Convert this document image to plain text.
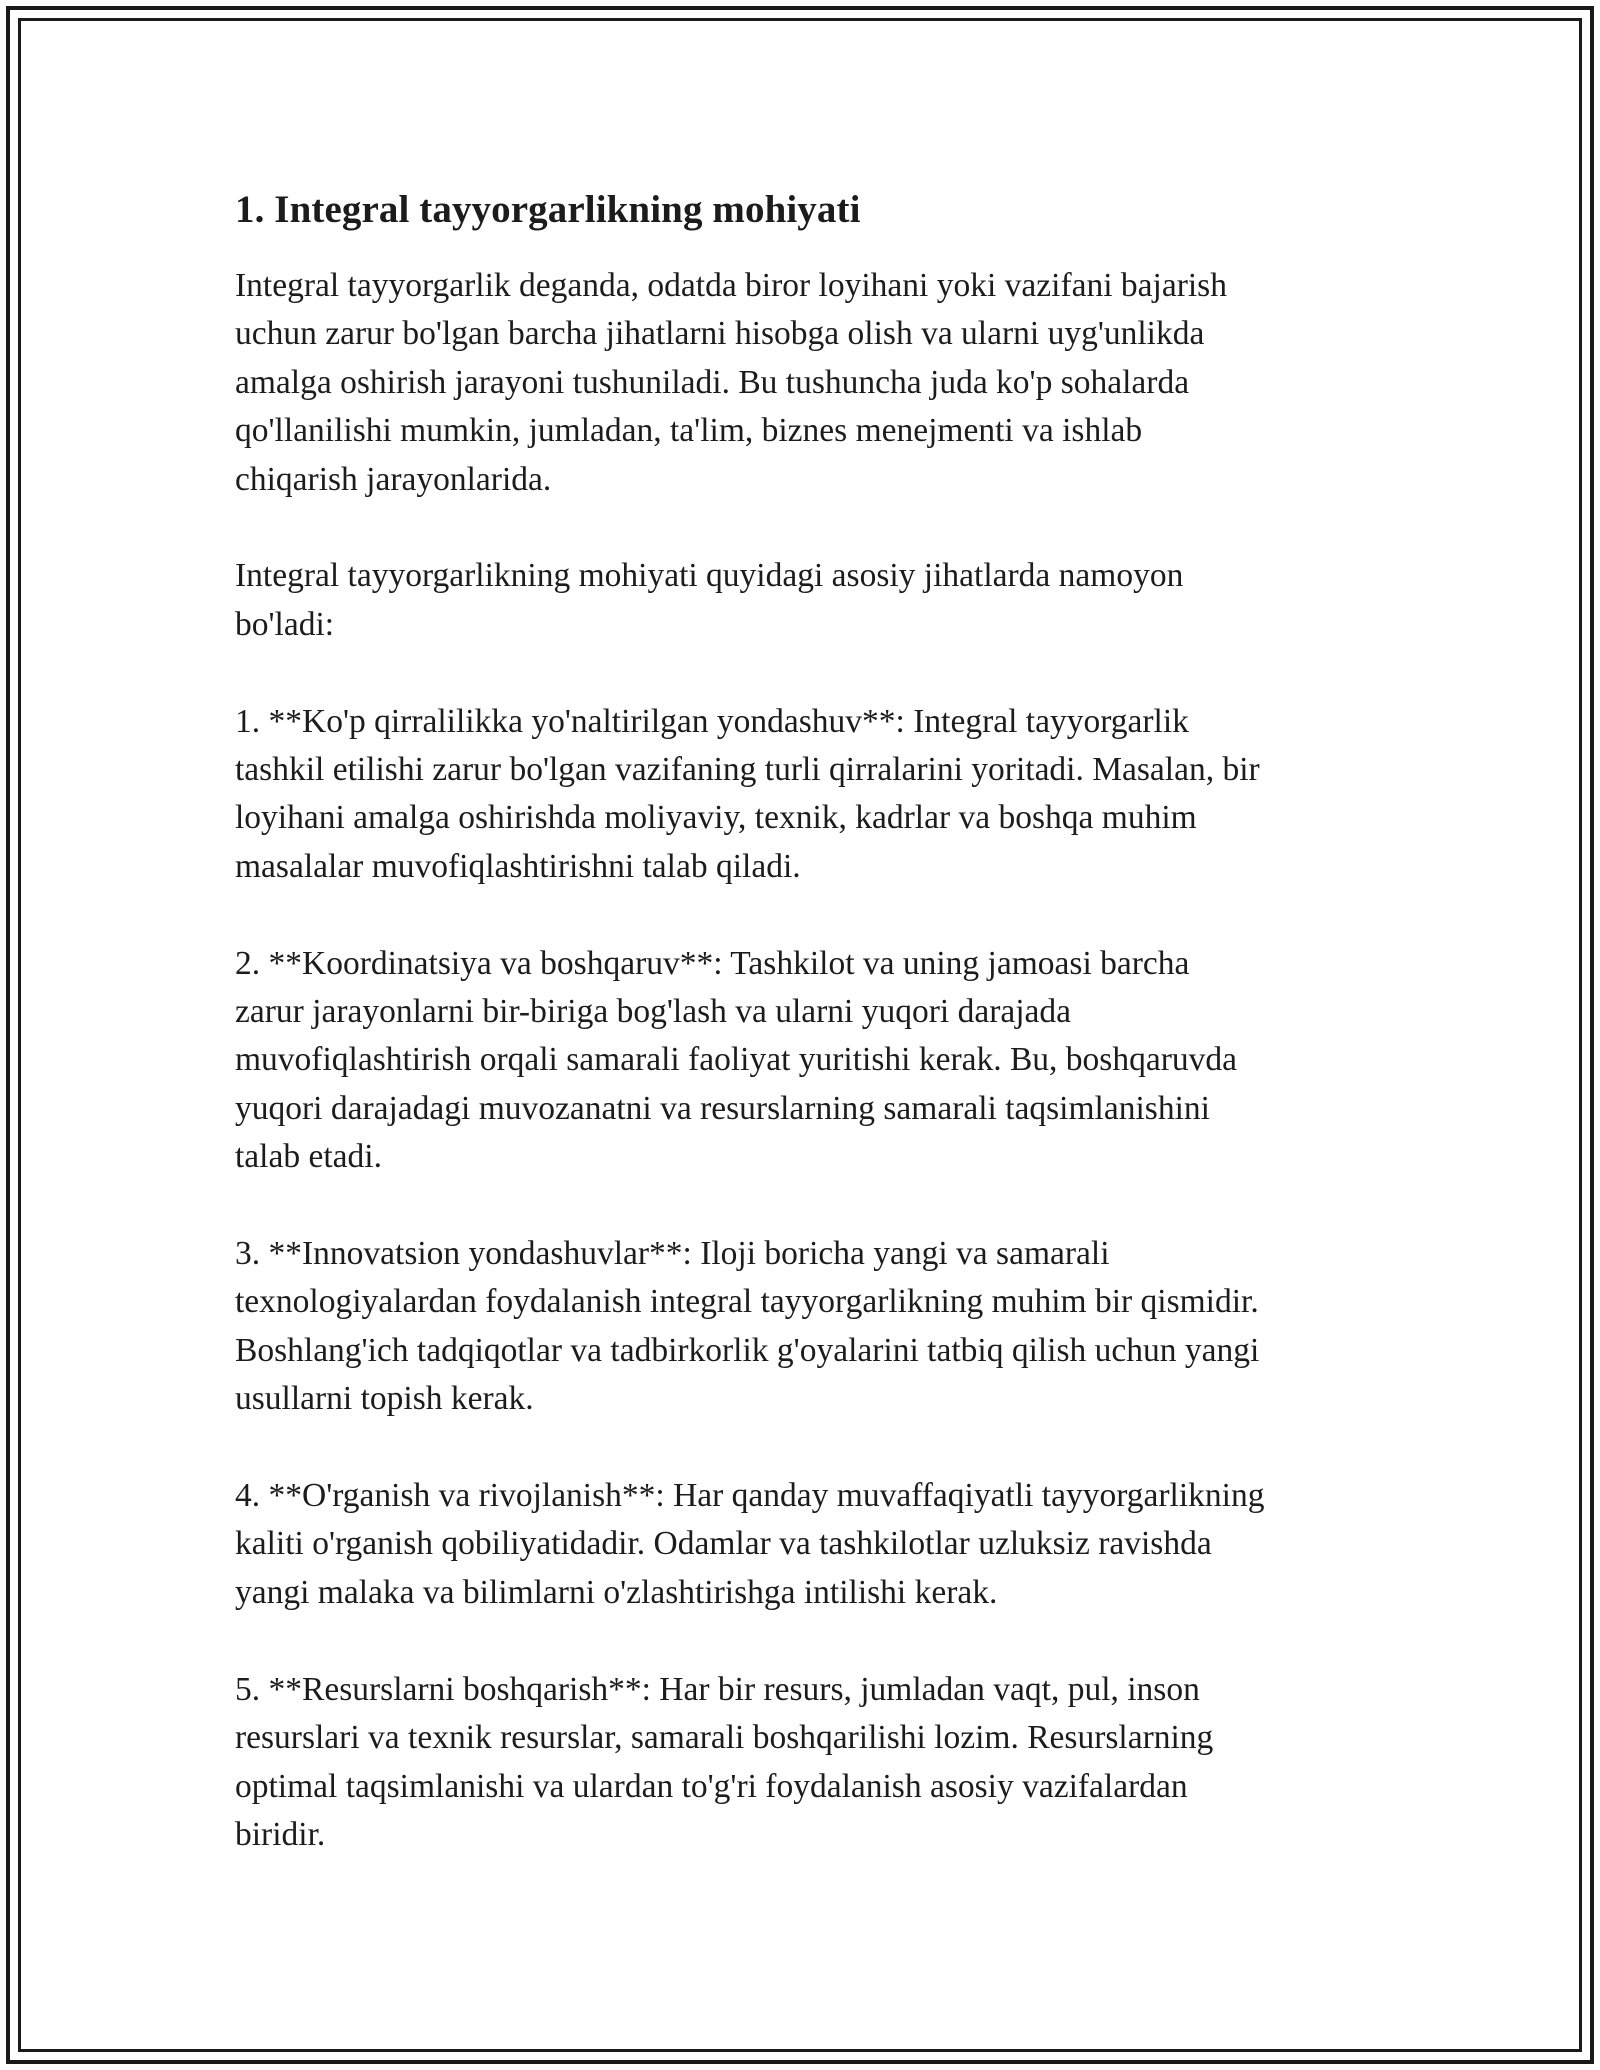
1. Integral tayyorgarlikning mohiyati

Integral tayyorgarlik deganda, odatda biror loyihani yoki vazifani bajarish
uchun zarur bo'lgan barcha jihatlarni hisobga olish va ularni uyg'unlikda
amalga oshirish jarayoni tushuniladi. Bu tushuncha juda ko'p sohalarda
qo'llanilishi mumkin, jumladan, ta'lim, biznes menejmenti va ishlab
chiqarish jarayonlarida.

Integral tayyorgarlikning mohiyati quyidagi asosiy jihatlarda namoyon
bo'ladi:

1. **Ko'p qirralilikka yo'naltirilgan yondashuv**: Integral tayyorgarlik
tashkil etilishi zarur bo'lgan vazifaning turli qirralarini yoritadi. Masalan, bir
loyihani amalga oshirishda moliyaviy, texnik, kadrlar va boshqa muhim
masalalar muvofiqlashtirishni talab qiladi.

2. **Koordinatsiya va boshqaruv**: Tashkilot va uning jamoasi barcha
zarur jarayonlarni bir-biriga bog'lash va ularni yuqori darajada
muvofiqlashtirish orqali samarali faoliyat yuritishi kerak. Bu, boshqaruvda
yuqori darajadagi muvozanatni va resurslarning samarali taqsimlanishini
talab etadi.

3. **Innovatsion yondashuvlar**: Iloji boricha yangi va samarali
texnologiyalardan foydalanish integral tayyorgarlikning muhim bir qismidir.
Boshlang'ich tadqiqotlar va tadbirkorlik g'oyalarini tatbiq qilish uchun yangi
usullarni topish kerak.

4. **O'rganish va rivojlanish**: Har qanday muvaffaqiyatli tayyorgarlikning
kaliti o'rganish qobiliyatidadir. Odamlar va tashkilotlar uzluksiz ravishda
yangi malaka va bilimlarni o'zlashtirishga intilishi kerak.

5. **Resurslarni boshqarish**: Har bir resurs, jumladan vaqt, pul, inson
resurslari va texnik resurslar, samarali boshqarilishi lozim. Resurslarning
optimal taqsimlanishi va ulardan to'g'ri foydalanish asosiy vazifalardan
biridir.
